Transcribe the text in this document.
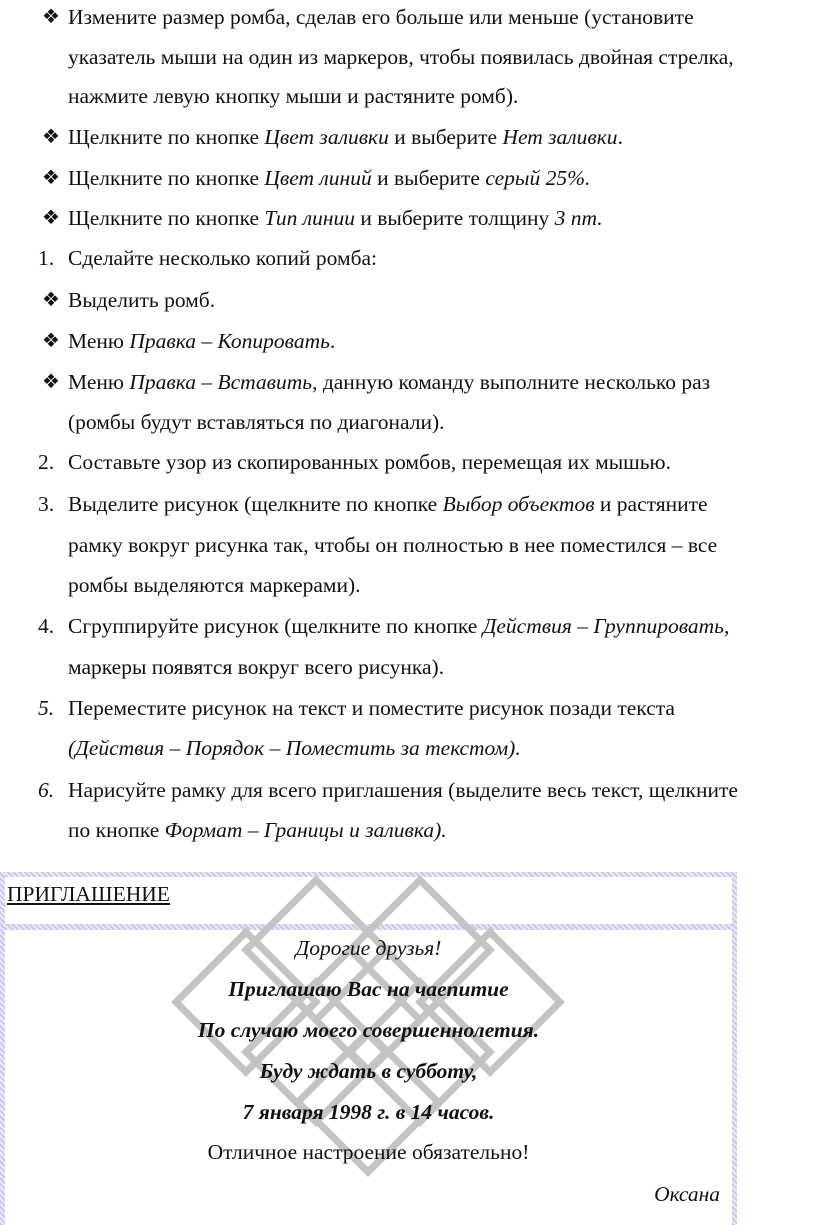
❖ Измените размер ромба, сделав его больше или меньше (установите
указатель мыши на один из маркеров, чтобы появилась двойная стрелка,
нажмите левую кнопку мыши и растяните ромб).
❖ Щелкните по кнопке Цвет заливки и выберите Нет заливки.
❖ Щелкните по кнопке Цвет линий и выберите серый 25%.
❖ Щелкните по кнопке Тип линии и выберите толщину 3 пт.
1. Сделайте несколько копий ромба:
❖ Выделить ромб.
❖ Меню Правка – Копировать.
❖ Меню Правка – Вставить, данную команду выполните несколько раз
(ромбы будут вставляться по диагонали).
2. Составьте узор из скопированных ромбов, перемещая их мышью.
3. Выделите рисунок (щелкните по кнопке Выбор объектов и растяните
рамку вокруг рисунка так, чтобы он полностью в нее поместился – все
ромбы выделяются маркерами).
4. Сгруппируйте рисунок (щелкните по кнопке Действия – Группировать,
маркеры появятся вокруг всего рисунка).
5. Переместите рисунок на текст и поместите рисунок позади текста
(Действия – Порядок – Поместить за текстом).
6. Нарисуйте рамку для всего приглашения (выделите весь текст, щелкните
по кнопке Формат – Границы и заливка).
ПРИГЛАШЕНИЕ
Дорогие друзья!
Приглашаю Вас на чаепитие
По случаю моего совершеннолетия.
Буду ждать в субботу,
7 января 1998 г. в 14 часов.
Отличное настроение обязательно!
Оксана
